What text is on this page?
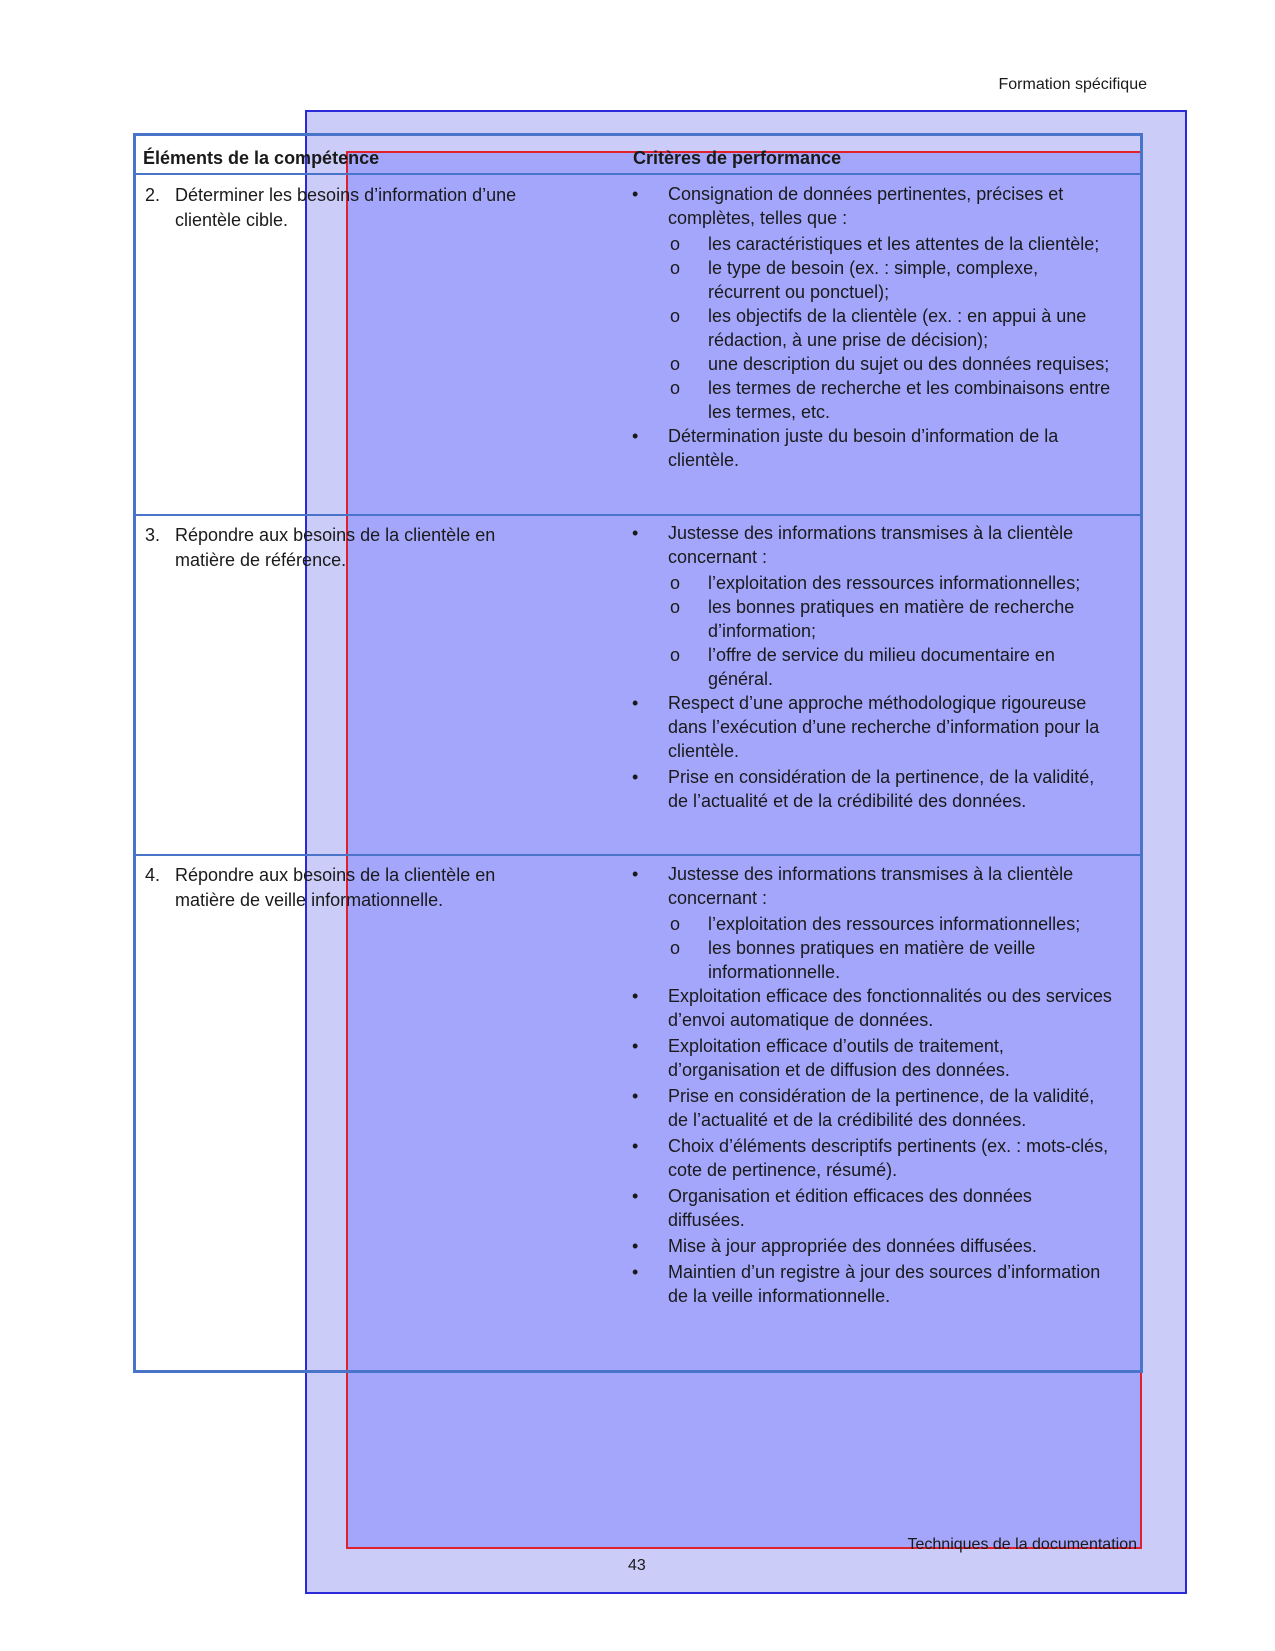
Formation spécifique
Éléments de la compétence	Critères de performance
2. Déterminer les besoins d’information d’une
clientèle cible.
3. Répondre aux besoins de la clientèle en
matière de référence.
4. Répondre aux besoins de la clientèle en
matière de veille informationnelle.
• Consignation de données pertinentes, précises et complètes, telles que :
o les caractéristiques et les attentes de la clientèle;
o le type de besoin (ex. : simple, complexe, récurrent ou ponctuel);
o les objectifs de la clientèle (ex. : en appui à une rédaction, à une prise de décision);
o une description du sujet ou des données requises;
o les termes de recherche et les combinaisons entre les termes, etc.
• Détermination juste du besoin d’information de la clientèle.
• Justesse des informations transmises à la clientèle concernant :
o l’exploitation des ressources informationnelles;
o les bonnes pratiques en matière de recherche d’information;
o l’offre de service du milieu documentaire en général.
• Respect d’une approche méthodologique rigoureuse dans l’exécution d’une recherche d’information pour la clientèle.
• Prise en considération de la pertinence, de la validité, de l’actualité et de la crédibilité des données.
• Justesse des informations transmises à la clientèle concernant :
o l’exploitation des ressources informationnelles;
o les bonnes pratiques en matière de veille informationnelle.
• Exploitation efficace des fonctionnalités ou des services d’envoi automatique de données.
• Exploitation efficace d’outils de traitement, d’organisation et de diffusion des données.
• Prise en considération de la pertinence, de la validité, de l’actualité et de la crédibilité des données.
• Choix d’éléments descriptifs pertinents (ex. : mots-clés, cote de pertinence, résumé).
• Organisation et édition efficaces des données diffusées.
• Mise à jour appropriée des données diffusées.
• Maintien d’un registre à jour des sources d’information de la veille informationnelle.
Techniques de la documentation
43
